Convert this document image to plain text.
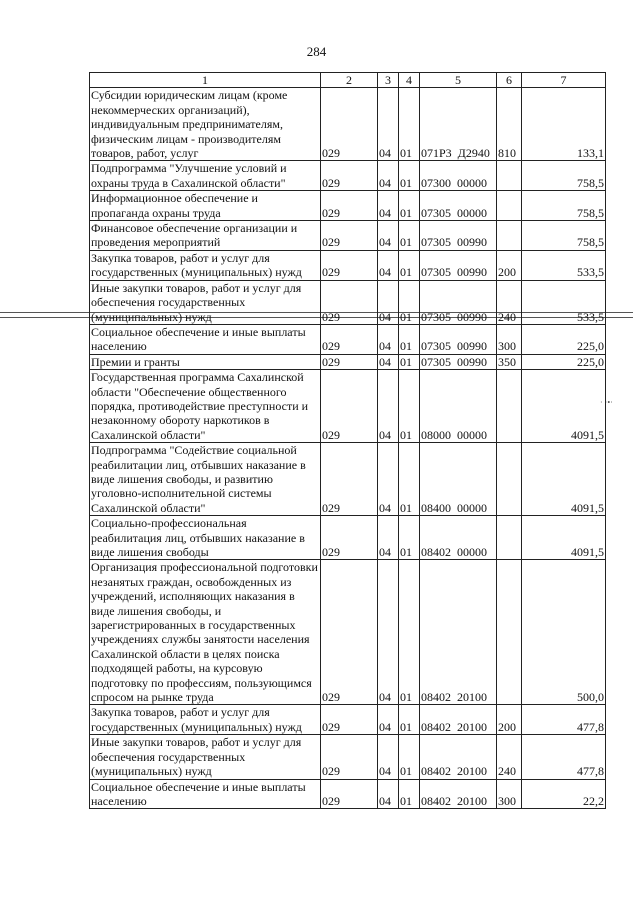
284
· ·•·
1	2	3	4	5	6	7
Субсидии юридическим лицам (кроме некоммерческих организаций), индивидуальным предпринимателям, физическим лицам - производителям товаров, работ, услуг	029	04	01	071Р3  Д2940	810	133,1
Подпрограмма "Улучшение условий и охраны труда в Сахалинской области"	029	04	01	07300  00000		758,5
Информационное обеспечение и пропаганда охраны труда	029	04	01	07305  00000		758,5
Финансовое обеспечение организации и проведения мероприятий	029	04	01	07305  00990		758,5
Закупка товаров, работ и услуг для государственных (муниципальных) нужд	029	04	01	07305  00990	200	533,5
Иные закупки товаров, работ и услуг для обеспечения государственных (муниципальных) нужд	029	04	01	07305  00990	240	533,5
Социальное обеспечение и иные выплаты населению	029	04	01	07305  00990	300	225,0
Премии и гранты	029	04	01	07305  00990	350	225,0
Государственная программа Сахалинской области "Обеспечение общественного порядка, противодействие преступности и незаконному обороту наркотиков в Сахалинской области"	029	04	01	08000  00000		4091,5
Подпрограмма "Содействие социальной реабилитации лиц, отбывших наказание в виде лишения свободы, и развитию уголовно-исполнительной системы Сахалинской области"	029	04	01	08400  00000		4091,5
Социально-профессиональная реабилитация лиц, отбывших наказание в виде лишения свободы	029	04	01	08402  00000		4091,5
Организация профессиональной подготовки незанятых граждан, освобожденных из учреждений, исполняющих наказания в виде лишения свободы, и зарегистрированных в государственных учреждениях службы занятости населения Сахалинской области в целях поиска подходящей работы, на курсовую подготовку по профессиям, пользующимся спросом на рынке труда	029	04	01	08402  20100		500,0
Закупка товаров, работ и услуг для государственных (муниципальных) нужд	029	04	01	08402  20100	200	477,8
Иные закупки товаров, работ и услуг для обеспечения государственных (муниципальных) нужд	029	04	01	08402  20100	240	477,8
Социальное обеспечение и иные выплаты населению	029	04	01	08402  20100	300	22,2
